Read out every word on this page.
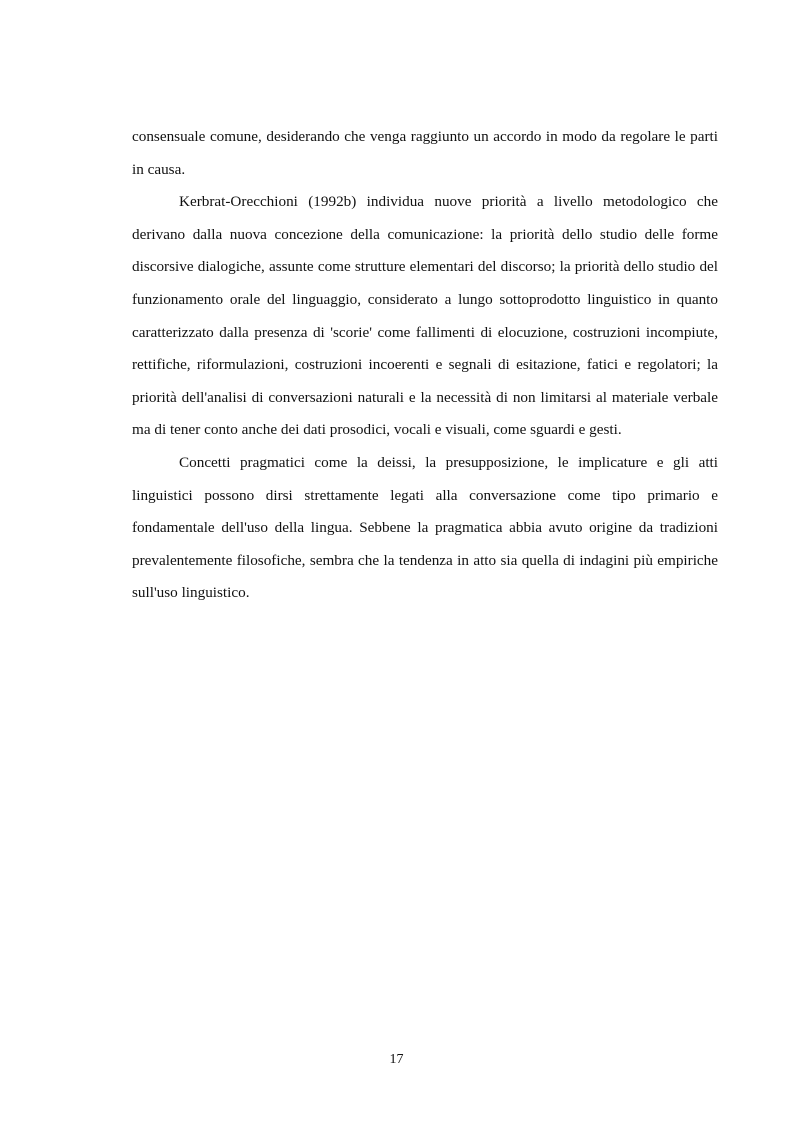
consensuale comune, desiderando che venga raggiunto un accordo in modo da regolare le parti in causa.

Kerbrat-Orecchioni (1992b) individua nuove priorità a livello metodologico che derivano dalla nuova concezione della comunicazione: la priorità dello studio delle forme discorsive dialogiche, assunte come strutture elementari del discorso; la priorità dello studio del funzionamento orale del linguaggio, considerato a lungo sottoprodotto linguistico in quanto caratterizzato dalla presenza di 'scorie' come fallimenti di elocuzione, costruzioni incompiute, rettifiche, riformulazioni, costruzioni incoerenti e segnali di esitazione, fatici e regolatori; la priorità dell'analisi di conversazioni naturali e la necessità di non limitarsi al materiale verbale ma di tener conto anche dei dati prosodici, vocali e visuali, come sguardi e gesti.

Concetti pragmatici come la deissi, la presupposizione, le implicature e gli atti linguistici possono dirsi strettamente legati alla conversazione come tipo primario e fondamentale dell'uso della lingua. Sebbene la pragmatica abbia avuto origine da tradizioni prevalentemente filosofiche, sembra che la tendenza in atto sia quella di indagini più empiriche sull'uso linguistico.

17
